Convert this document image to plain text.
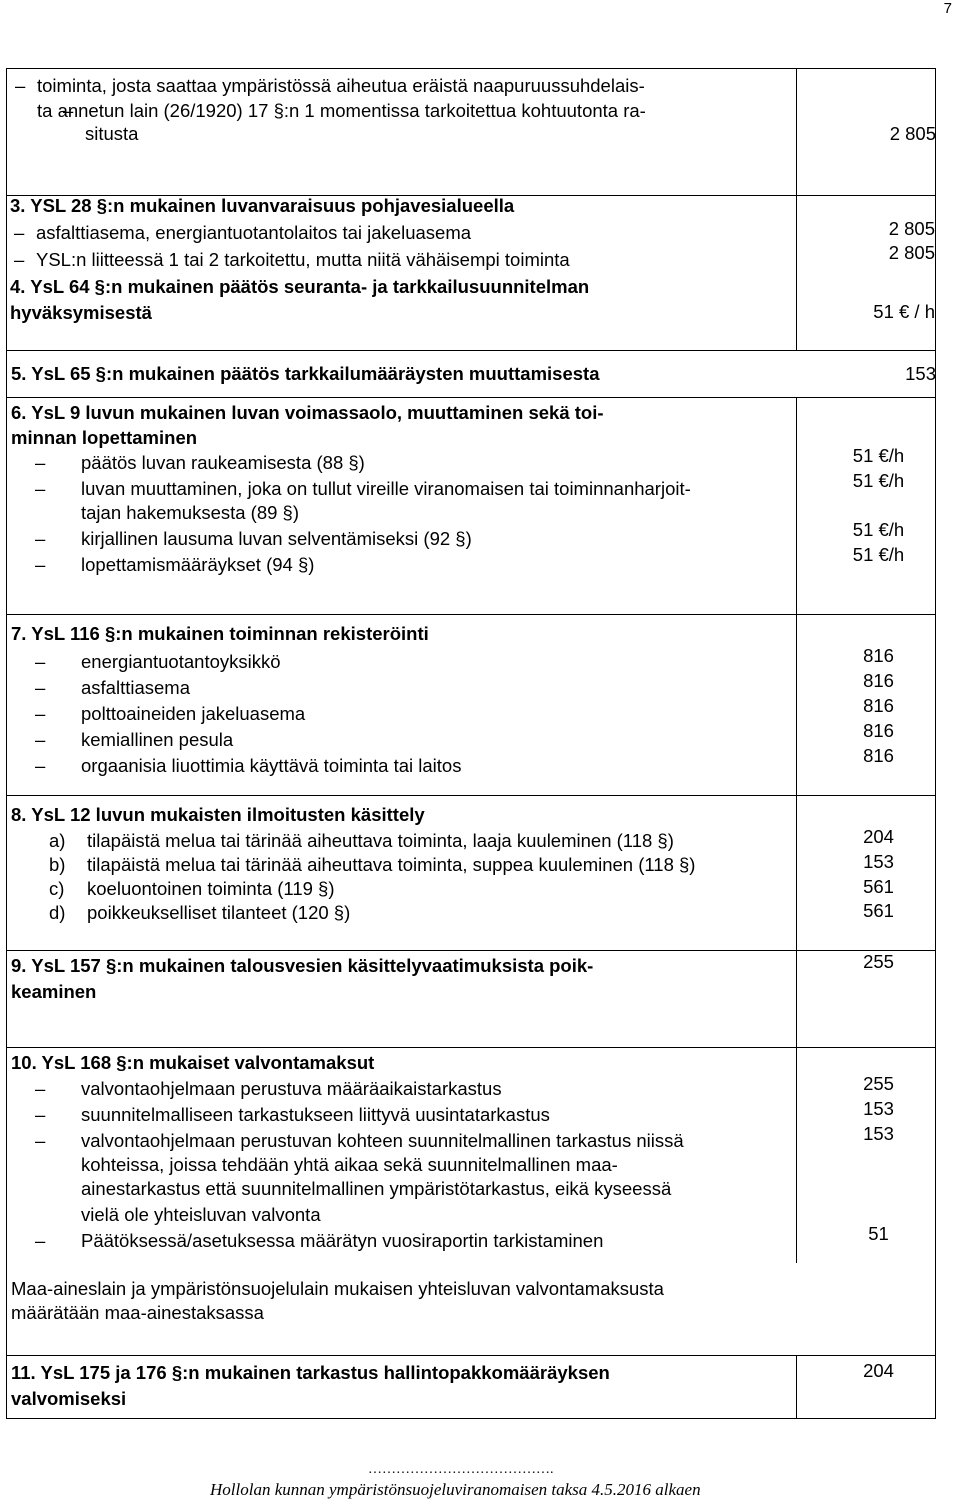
7
– toiminta, josta saattaa ympäristössä aiheutua eräistä naapuruussuhdelais-
– ta annetun lain (26/1920) 17 §:n 1 momentissa tarkoitettua kohtuutonta ra-
situsta	2 805
5. YsL 65 §:n mukainen päätös tarkkailumääräysten muuttamisesta	153
6. YsL 9 luvun mukainen luvan voimassaolo, muuttaminen sekä toi-
minnan lopettaminen
– päätös luvan raukeamisesta (88 §)
– luvan muuttaminen, joka on tullut vireille viranomaisen tai toiminnanharjoit-
tajan hakemuksesta (89 §)
– kirjallinen lausuma luvan selventämiseksi (92 §)
– lopettamismääräykset (94 §)
51 €/h
51 €/h
51 €/h
51 €/h
7. YsL 116 §:n mukainen toiminnan rekisteröinti
– energiantuotantoyksikkö
– asfalttiasema
– polttoaineiden jakeluasema
– kemiallinen pesula
– orgaanisia liuottimia käyttävä toiminta tai laitos
816
816
816
816
816
8. YsL 12 luvun mukaisten ilmoitusten käsittely
a) tilapäistä melua tai tärinää aiheuttava toiminta, laaja kuuleminen (118 §)
b) tilapäistä melua tai tärinää aiheuttava toiminta, suppea kuuleminen (118 §)
c) koeluontoinen toiminta (119 §)
d) poikkeukselliset tilanteet (120 §)
204
153
561
561
9. YsL 157 §:n mukainen talousvesien käsittelyvaatimuksista poik-
keaminen
255
10. YsL 168 §:n mukaiset valvontamaksut
– valvontaohjelmaan perustuva määräaikaistarkastus
– suunnitelmalliseen tarkastukseen liittyvä uusintatarkastus
– valvontaohjelmaan perustuvan kohteen suunnitelmallinen tarkastus niissä
kohteissa, joissa tehdään yhtä aikaa sekä suunnitelmallinen maa-
ainestarkastus että suunnitelmallinen ympäristötarkastus, eikä kyseessä
vielä ole yhteisluvan valvonta
– Päätöksessä/asetuksessa määrätyn vuosiraportin tarkistaminen
255
153
153
51
Maa-aineslain ja ympäristönsuojelulain mukaisen yhteisluvan valvontamaksusta
määrätään maa-ainestaksassa
11. YsL 175 ja 176 §:n mukainen tarkastus hallintopakkomääräyksen
valvomiseksi
204
3. YSL 28 §:n mukainen luvanvaraisuus pohjavesialueella
– asfalttiasema, energiantuotantolaitos tai jakeluasema
– YSL:n liitteessä 1 tai 2 tarkoitettu, mutta niitä vähäisempi toiminta
4. YsL 64 §:n mukainen päätös seuranta- ja tarkkailusuunnitelman
hyväksymisestä
2 805
2 805
51 € / h
………………………………….
Hollolan kunnan ympäristönsuojeluviranomaisen taksa 4.5.2016 alkaen
